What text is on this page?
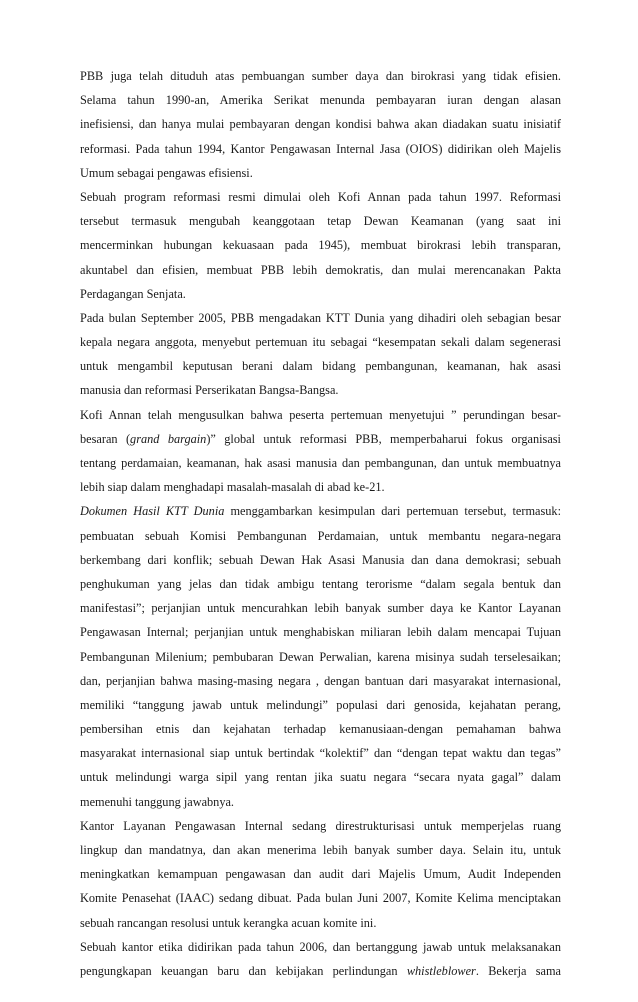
PBB juga telah dituduh atas pembuangan sumber daya dan birokrasi yang tidak efisien.
Selama tahun 1990-an, Amerika Serikat menunda pembayaran iuran dengan alasan
inefisiensi, dan hanya mulai pembayaran dengan kondisi bahwa akan diadakan suatu inisiatif
reformasi. Pada tahun 1994, Kantor Pengawasan Internal Jasa (OIOS) didirikan oleh Majelis
Umum sebagai pengawas efisiensi.
Sebuah program reformasi resmi dimulai oleh Kofi Annan pada tahun 1997. Reformasi
tersebut termasuk mengubah keanggotaan tetap Dewan Keamanan (yang saat ini
mencerminkan hubungan kekuasaan pada 1945), membuat birokrasi lebih transparan,
akuntabel dan efisien, membuat PBB lebih demokratis, dan mulai merencanakan Pakta
Perdagangan Senjata.
Pada bulan September 2005, PBB mengadakan KTT Dunia yang dihadiri oleh sebagian besar
kepala negara anggota, menyebut pertemuan itu sebagai “kesempatan sekali dalam segenerasi
untuk mengambil keputusan berani dalam bidang pembangunan, keamanan, hak asasi
manusia dan reformasi Perserikatan Bangsa-Bangsa.
Kofi Annan telah mengusulkan bahwa peserta pertemuan menyetujui ” perundingan besar-
besaran (grand bargain)” global untuk reformasi PBB, memperbaharui fokus organisasi
tentang perdamaian, keamanan, hak asasi manusia dan pembangunan, dan untuk membuatnya
lebih siap dalam menghadapi masalah-masalah di abad ke-21.
Dokumen Hasil KTT Dunia menggambarkan kesimpulan dari pertemuan tersebut, termasuk:
pembuatan sebuah Komisi Pembangunan Perdamaian, untuk membantu negara-negara
berkembang dari konflik; sebuah Dewan Hak Asasi Manusia dan dana demokrasi; sebuah
penghukuman yang jelas dan tidak ambigu tentang terorisme “dalam segala bentuk dan
manifestasi”; perjanjian untuk mencurahkan lebih banyak sumber daya ke Kantor Layanan
Pengawasan Internal; perjanjian untuk menghabiskan miliaran lebih dalam mencapai Tujuan
Pembangunan Milenium; pembubaran Dewan Perwalian, karena misinya sudah terselesaikan;
dan, perjanjian bahwa masing-masing negara , dengan bantuan dari masyarakat internasional,
memiliki “tanggung jawab untuk melindungi” populasi dari genosida, kejahatan perang,
pembersihan etnis dan kejahatan terhadap kemanusiaan-dengan pemahaman bahwa
masyarakat internasional siap untuk bertindak “kolektif” dan “dengan tepat waktu dan tegas”
untuk melindungi warga sipil yang rentan jika suatu negara “secara nyata gagal” dalam
memenuhi tanggung jawabnya.
Kantor Layanan Pengawasan Internal sedang direstrukturisasi untuk memperjelas ruang
lingkup dan mandatnya, dan akan menerima lebih banyak sumber daya. Selain itu, untuk
meningkatkan kemampuan pengawasan dan audit dari Majelis Umum, Audit Independen
Komite Penasehat (IAAC) sedang dibuat. Pada bulan Juni 2007, Komite Kelima menciptakan
sebuah rancangan resolusi untuk kerangka acuan komite ini.
Sebuah kantor etika didirikan pada tahun 2006, dan bertanggung jawab untuk melaksanakan
pengungkapan keuangan baru dan kebijakan perlindungan whistleblower. Bekerja sama
